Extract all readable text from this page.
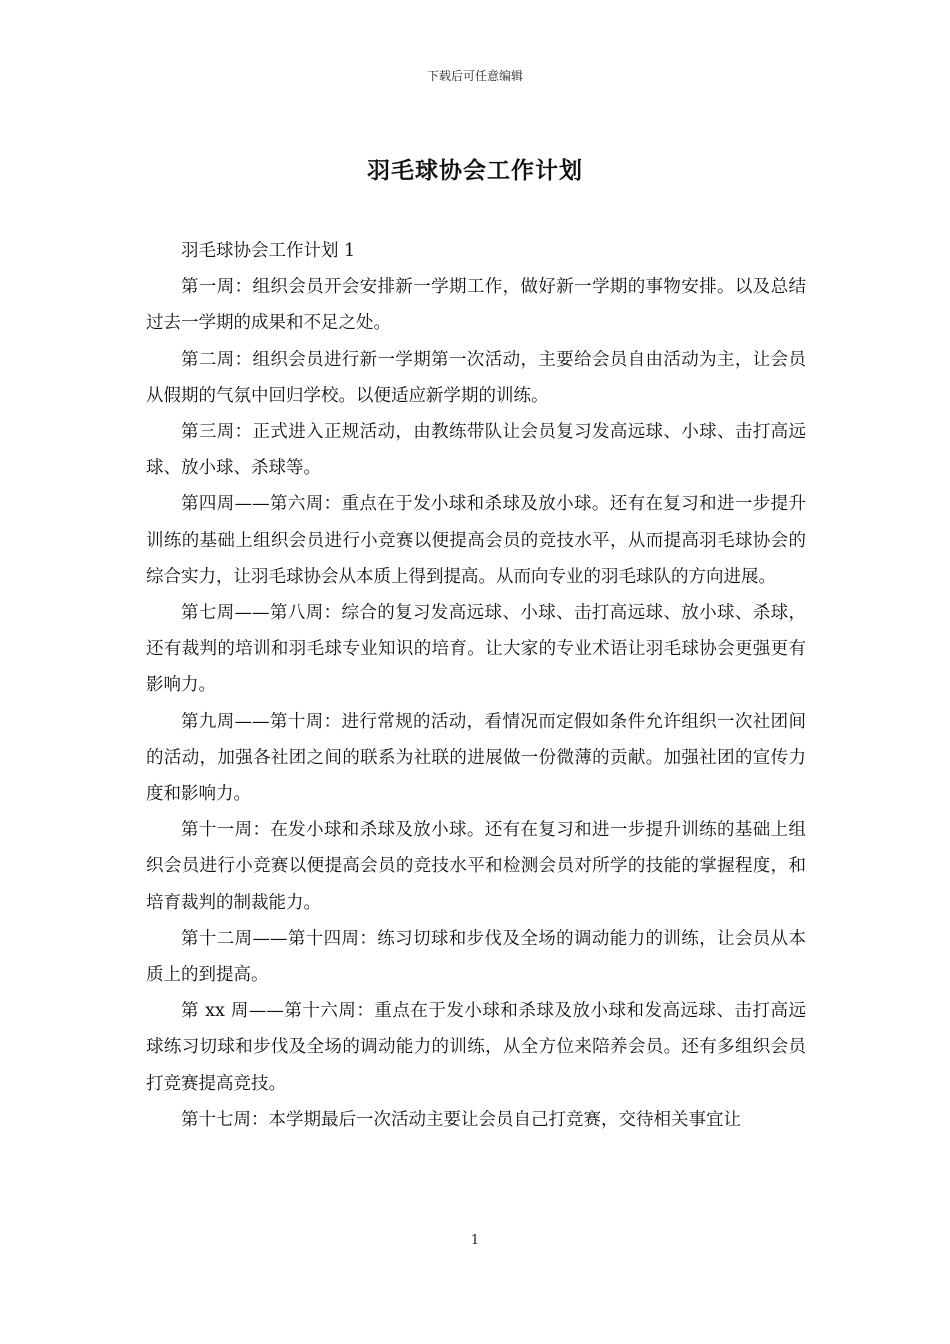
下载后可任意编辑
羽毛球协会工作计划

羽毛球协会工作计划 1

第一周：组织会员开会安排新一学期工作，做好新一学期的事物安排。以及总结过去一学期的成果和不足之处。

第二周：组织会员进行新一学期第一次活动，主要给会员自由活动为主，让会员从假期的气氛中回归学校。以便适应新学期的训练。

第三周：正式进入正规活动，由教练带队让会员复习发高远球、小球、击打高远球、放小球、杀球等。

第四周——第六周：重点在于发小球和杀球及放小球。还有在复习和进一步提升训练的基础上组织会员进行小竞赛以便提高会员的竞技水平，从而提高羽毛球协会的综合实力，让羽毛球协会从本质上得到提高。从而向专业的羽毛球队的方向进展。

第七周——第八周：综合的复习发高远球、小球、击打高远球、放小球、杀球，还有裁判的培训和羽毛球专业知识的培育。让大家的专业术语让羽毛球协会更强更有影响力。

第九周——第十周：进行常规的活动，看情况而定假如条件允许组织一次社团间的活动，加强各社团之间的联系为社联的进展做一份微薄的贡献。加强社团的宣传力度和影响力。

第十一周：在发小球和杀球及放小球。还有在复习和进一步提升训练的基础上组织会员进行小竞赛以便提高会员的竞技水平和检测会员对所学的技能的掌握程度，和培育裁判的制裁能力。

第十二周——第十四周：练习切球和步伐及全场的调动能力的训练，让会员从本质上的到提高。

第 xx 周——第十六周：重点在于发小球和杀球及放小球和发高远球、击打高远球练习切球和步伐及全场的调动能力的训练，从全方位来陪养会员。还有多组织会员打竞赛提高竞技。

第十七周：本学期最后一次活动主要让会员自己打竞赛，交待相关事宜让

1
